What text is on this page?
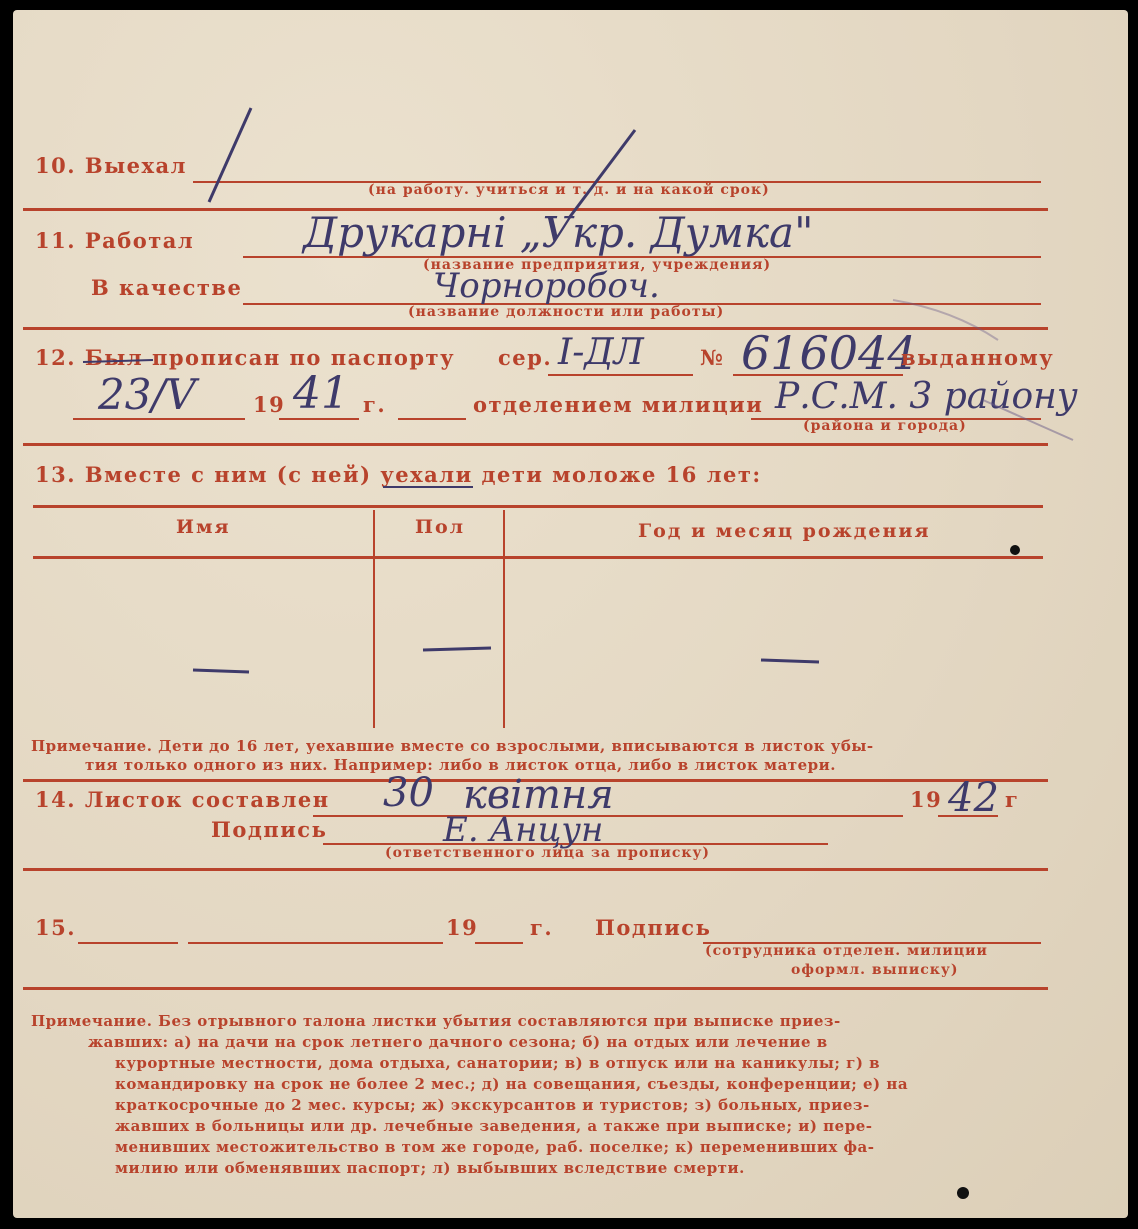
10. Выехал
(на работу. учиться и т. д. и на какой срок)
11. Работал	Друкарні „Укр. Думка"
(название предприятия, учреждения)
В качестве	Чорноробоч.
(название должности или работы)
12. Был прописан по паспорту сер. I-ДЛ	№ 616044
выданному
23/V	19 41 г.	отделением милиции Р.С.М. 3 району
(района и города)
13. Вместе с ним (с ней) уехали дети моложе 16 лет:
Имя	Пол	Год и месяц рождения
Примечание. Дети до 16 лет, уехавшие вместе со взрослыми, вписываются в листок убы-
тия только одного из них. Например: либо в листок отца, либо в листок матери.
14. Листок составлен 30 квітня	19 42 г
Подпись	Е. Анцун
(ответственного лица за прописку)
15.	19 г. Подпись
(сотрудника отделен. милиции
оформл. выписку)
Примечание. Без отрывного талона листки убытия составляются при выписке приез-
жавших: а) на дачи на срок летнего дачного сезона; б) на отдых или лечение в
курортные местности, дома отдыха, санатории; в) в отпуск или на каникулы; г) в
командировку на срок не более 2 мес.; д) на совещания, съезды, конференции; е) на
краткосрочные до 2 мес. курсы; ж) экскурсантов и туристов; з) больных, приез-
жавших в больницы или др. лечебные заведения, а также при выписке; и) пере-
менивших местожительство в том же городе, раб. поселке; к) переменивших фа-
милию или обменявших паспорт; л) выбывших вследствие смерти.
